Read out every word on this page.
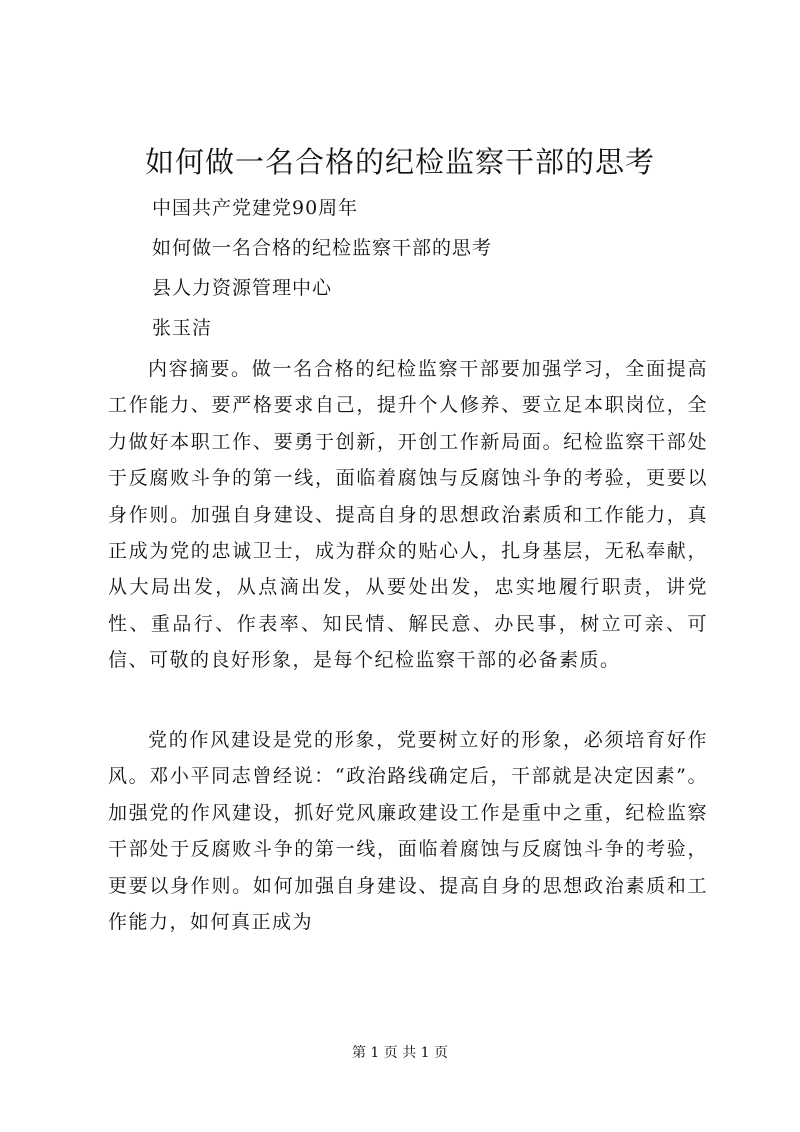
如何做一名合格的纪检监察干部的思考
中国共产党建党90周年
如何做一名合格的纪检监察干部的思考
县人力资源管理中心
张玉洁

内容摘要。做一名合格的纪检监察干部要加强学习，全面提高工作能力、要严格要求自己，提升个人修养、要立足本职岗位，全力做好本职工作、要勇于创新，开创工作新局面。纪检监察干部处于反腐败斗争的第一线，面临着腐蚀与反腐蚀斗争的考验，更要以身作则。加强自身建设、提高自身的思想政治素质和工作能力，真正成为党的忠诚卫士，成为群众的贴心人，扎身基层，无私奉献，从大局出发，从点滴出发，从要处出发，忠实地履行职责，讲党性、重品行、作表率、知民情、解民意、办民事，树立可亲、可信、可敬的良好形象，是每个纪检监察干部的必备素质。

党的作风建设是党的形象，党要树立好的形象，必须培育好作风。邓小平同志曾经说：“政治路线确定后，干部就是决定因素”。加强党的作风建设，抓好党风廉政建设工作是重中之重，纪检监察干部处于反腐败斗争的第一线，面临着腐蚀与反腐蚀斗争的考验，更要以身作则。如何加强自身建设、提高自身的思想政治素质和工作能力，如何真正成为

第 1 页 共 1 页
